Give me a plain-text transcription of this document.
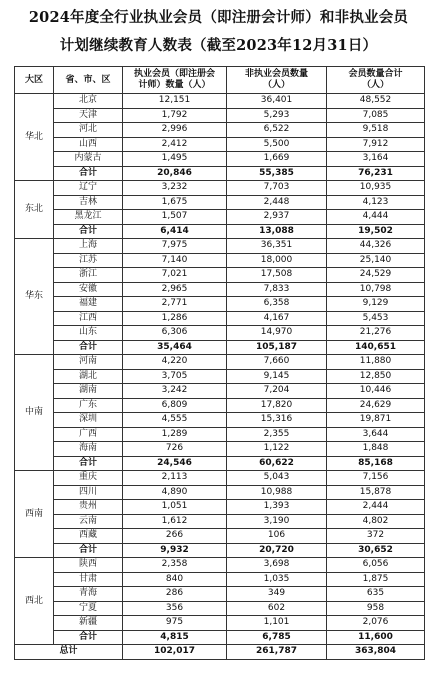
2024年度全行业执业会员（即注册会计师）和非执业会员
计划继续教育人数表（截至2023年12月31日）
大区	省、市、区	执业会员（即注册会
计师）数量（人）	非执业会员数量
（人）	会员数量合计
（人）

华北	北京	12,151	36,401	48,552
	天津	1,792	5,293	7,085
	河北	2,996	6,522	9,518
	山西	2,412	5,500	7,912
	内蒙古	1,495	1,669	3,164
	合计	20,846	55,385	76,231
东北	辽宁	3,232	7,703	10,935
	吉林	1,675	2,448	4,123
	黑龙江	1,507	2,937	4,444
	合计	6,414	13,088	19,502
华东	上海	7,975	36,351	44,326
	江苏	7,140	18,000	25,140
	浙江	7,021	17,508	24,529
	安徽	2,965	7,833	10,798
	福建	2,771	6,358	9,129
	江西	1,286	4,167	5,453
	山东	6,306	14,970	21,276
	合计	35,464	105,187	140,651
中南	河南	4,220	7,660	11,880
	湖北	3,705	9,145	12,850
	湖南	3,242	7,204	10,446
	广东	6,809	17,820	24,629
	深圳	4,555	15,316	19,871
	广西	1,289	2,355	3,644
	海南	726	1,122	1,848
	合计	24,546	60,622	85,168
西南	重庆	2,113	5,043	7,156
	四川	4,890	10,988	15,878
	贵州	1,051	1,393	2,444
	云南	1,612	3,190	4,802
	西藏	266	106	372
	合计	9,932	20,720	30,652
西北	陕西	2,358	3,698	6,056
	甘肃	840	1,035	1,875
	青海	286	349	635
	宁夏	356	602	958
	新疆	975	1,101	2,076
	合计	4,815	6,785	11,600
总计		102,017	261,787	363,804
